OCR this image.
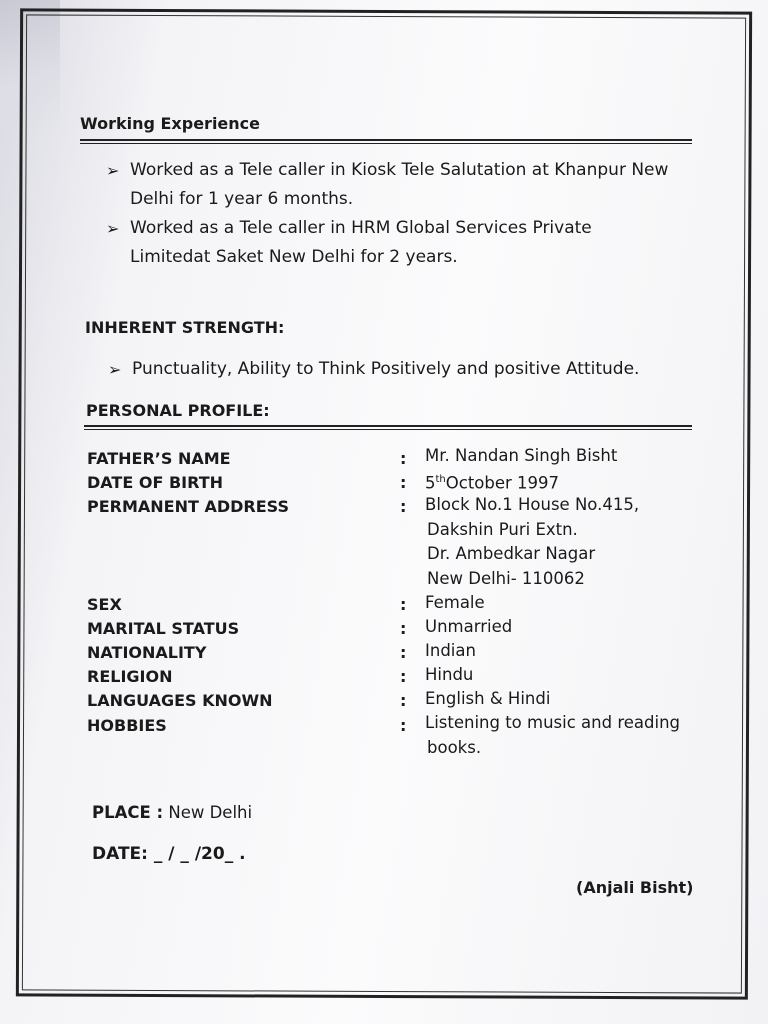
Working Experience
➢ Worked as a Tele caller in Kiosk Tele Salutation at Khanpur New
Delhi for 1 year 6 months.
➢ Worked as a Tele caller in HRM Global Services Private
Limitedat Saket New Delhi for 2 years.
INHERENT STRENGTH:
➢ Punctuality, Ability to Think Positively and positive Attitude.
PERSONAL PROFILE:
FATHER’S NAME	: Mr. Nandan Singh Bisht
DATE OF BIRTH	: 5thOctober 1997
PERMANENT ADDRESS	: Block No.1 House No.415,
Dakshin Puri Extn.
Dr. Ambedkar Nagar
New Delhi- 110062
SEX	: Female
MARITAL STATUS	: Unmarried
NATIONALITY	: Indian
RELIGION	: Hindu
LANGUAGES KNOWN	: English & Hindi
HOBBIES	: Listening to music and reading
books.
PLACE : New Delhi
DATE: _ / _ /20_ .
(Anjali Bisht)
